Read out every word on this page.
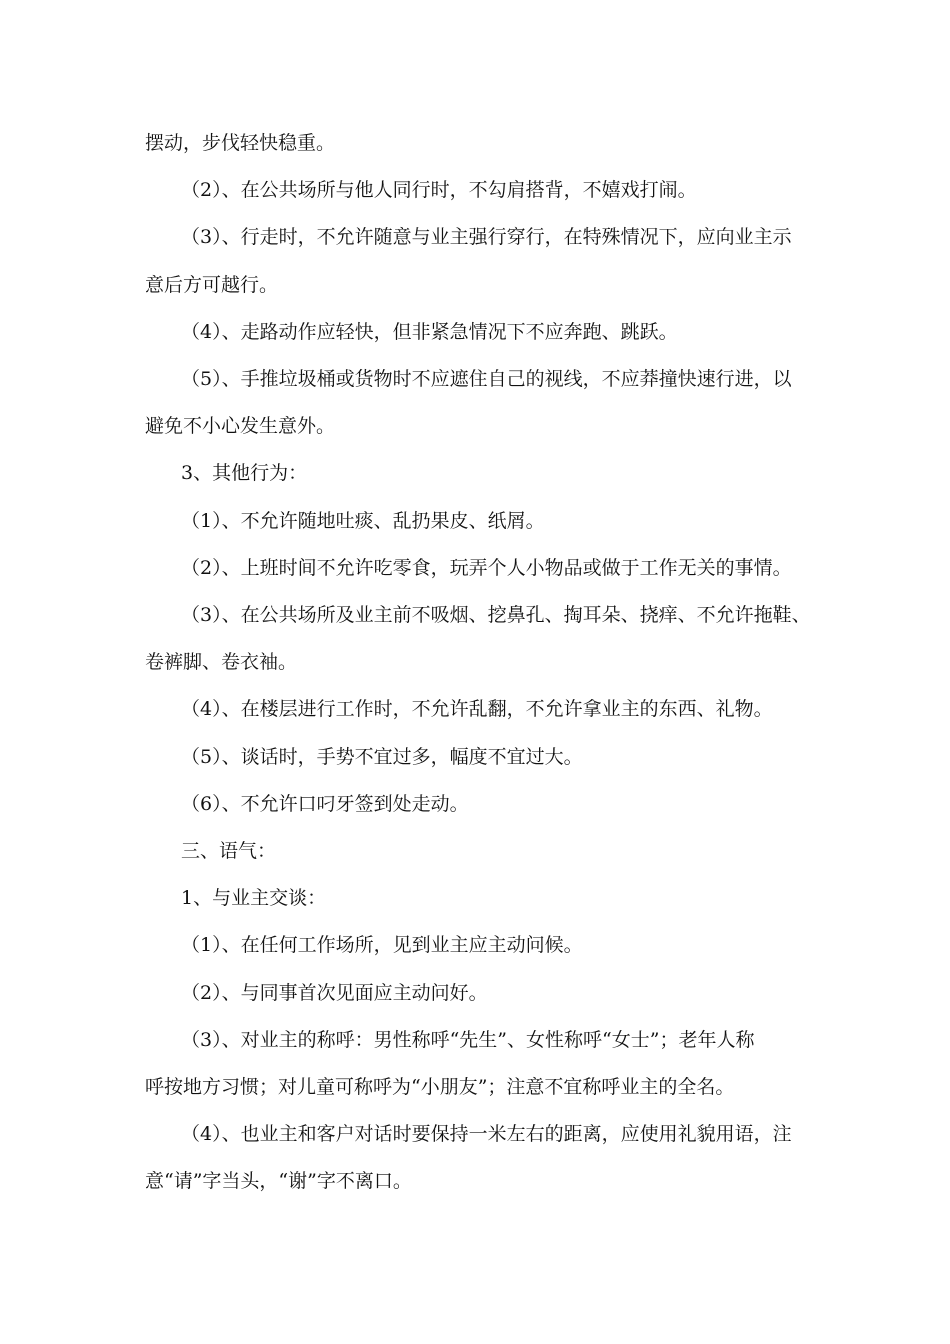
摆动，步伐轻快稳重。

（2）、在公共场所与他人同行时，不勾肩搭背，不嬉戏打闹。

（3）、行走时，不允许随意与业主强行穿行，在特殊情况下，应向业主示

意后方可越行。

（4）、走路动作应轻快，但非紧急情况下不应奔跑、跳跃。

（5）、手推垃圾桶或货物时不应遮住自己的视线，不应莽撞快速行进，以

避免不小心发生意外。

3、其他行为：

（1）、不允许随地吐痰、乱扔果皮、纸屑。

（2）、上班时间不允许吃零食，玩弄个人小物品或做于工作无关的事情。

（3）、在公共场所及业主前不吸烟、挖鼻孔、掏耳朵、挠痒、不允许拖鞋、

卷裤脚、卷衣袖。

（4）、在楼层进行工作时，不允许乱翻，不允许拿业主的东西、礼物。

（5）、谈话时，手势不宜过多，幅度不宜过大。

（6）、不允许口叼牙签到处走动。

三、语气：

1、与业主交谈：

（1）、在任何工作场所，见到业主应主动问候。

（2）、与同事首次见面应主动问好。

（3）、对业主的称呼：男性称呼“先生”、女性称呼“女士”；老年人称

呼按地方习惯；对儿童可称呼为“小朋友”；注意不宜称呼业主的全名。

（4）、也业主和客户对话时要保持一米左右的距离，应使用礼貌用语，注

意“请”字当头，“谢”字不离口。
